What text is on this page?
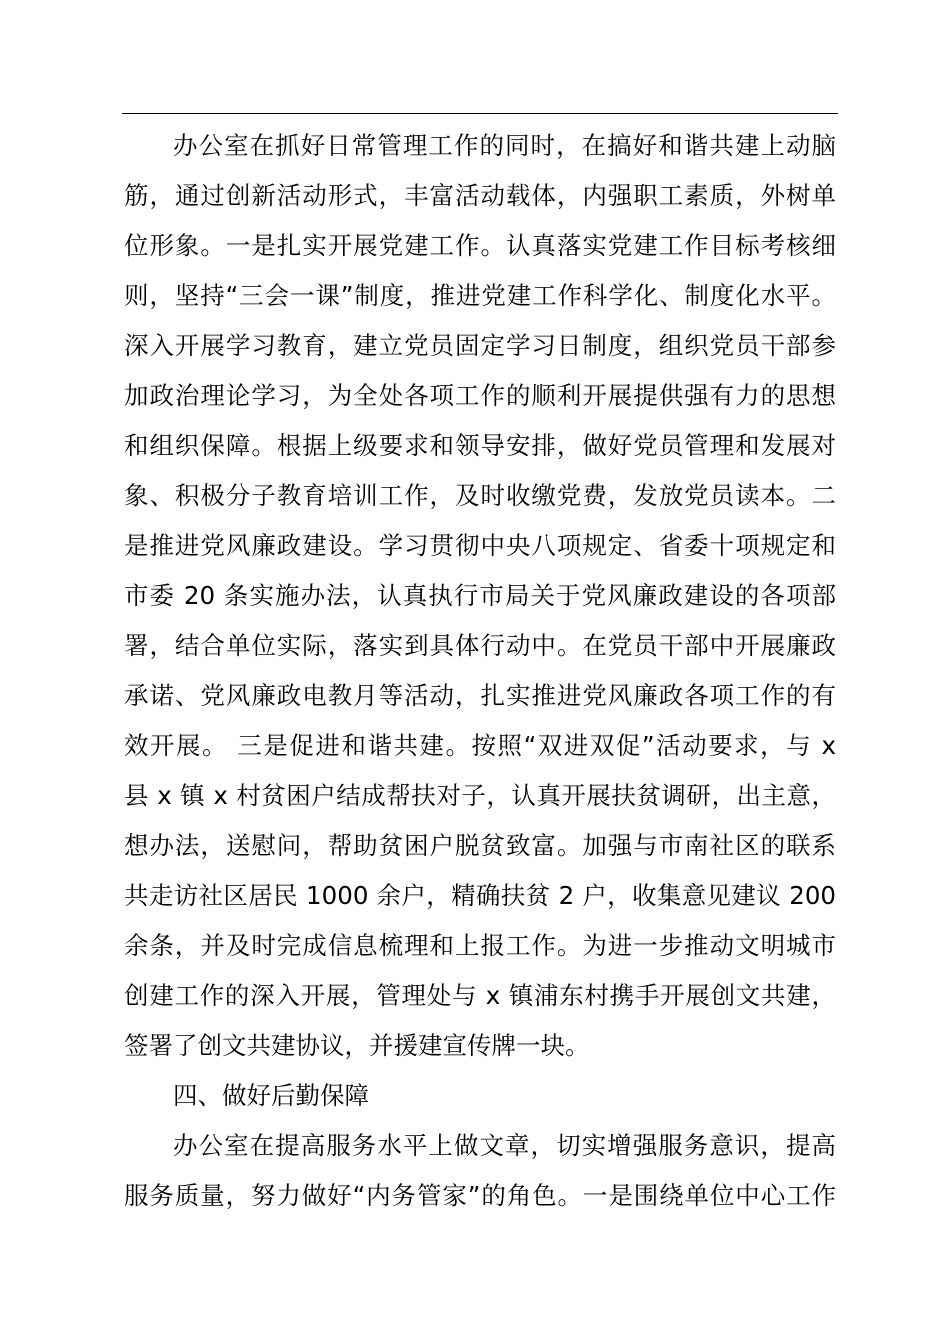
办公室在抓好日常管理工作的同时，在搞好和谐共建上动脑
筋，通过创新活动形式，丰富活动载体，内强职工素质，外树单
位形象。一是扎实开展党建工作。认真落实党建工作目标考核细
则，坚持“三会一课”制度，推进党建工作科学化、制度化水平。
深入开展学习教育，建立党员固定学习日制度，组织党员干部参
加政治理论学习，为全处各项工作的顺利开展提供强有力的思想
和组织保障。根据上级要求和领导安排，做好党员管理和发展对
象、积极分子教育培训工作，及时收缴党费，发放党员读本。二
是推进党风廉政建设。学习贯彻中央八项规定、省委十项规定和
市委 20 条实施办法，认真执行市局关于党风廉政建设的各项部
署，结合单位实际，落实到具体行动中。在党员干部中开展廉政
承诺、党风廉政电教月等活动，扎实推进党风廉政各项工作的有
效开展。 三是促进和谐共建。按照“双进双促”活动要求，与 x
县 x 镇 x 村贫困户结成帮扶对子，认真开展扶贫调研，出主意，
想办法，送慰问，帮助贫困户脱贫致富。加强与市南社区的联系
共走访社区居民 1000 余户，精确扶贫 2 户，收集意见建议 200
余条，并及时完成信息梳理和上报工作。为进一步推动文明城市
创建工作的深入开展，管理处与 x 镇浦东村携手开展创文共建，
签署了创文共建协议，并援建宣传牌一块。
四、做好后勤保障
办公室在提高服务水平上做文章，切实增强服务意识，提高
服务质量，努力做好“内务管家”的角色。一是围绕单位中心工作
